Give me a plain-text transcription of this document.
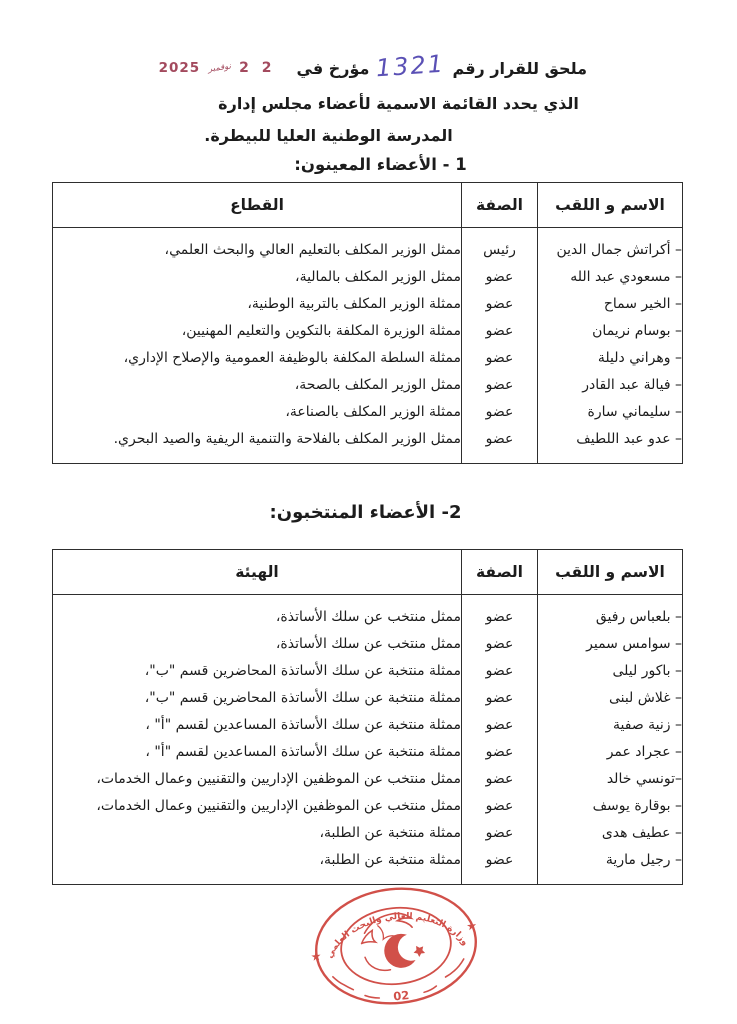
ملحق للقرار رقم
1321
مؤرخ في
2 2
نوفمبر
2025
الذي يحدد القائمة الاسمية لأعضاء مجلس إدارة
المدرسة الوطنية العليا للبيطرة.
1 - الأعضاء المعينون:
الاسم و اللقب	الصفة	القطاع
– أكراتش جمال الدين	رئيس	ممثل الوزير المكلف بالتعليم العالي والبحث العلمي،
– مسعودي عبد الله	عضو	ممثل الوزير المكلف بالمالية،
– الخير سماح	عضو	ممثلة الوزير المكلف بالتربية الوطنية،
– بوسام نريمان	عضو	ممثلة الوزيرة المكلفة بالتكوين والتعليم المهنيين،
– وهراني دليلة	عضو	ممثلة السلطة المكلفة بالوظيفة العمومية والإصلاح الإداري،
– فيالة عبد القادر	عضو	ممثل الوزير المكلف بالصحة،
– سليماني سارة	عضو	ممثلة الوزير المكلف بالصناعة،
– عدو عبد اللطيف	عضو	ممثل الوزير المكلف بالفلاحة والتنمية الريفية والصيد البحري.
2- الأعضاء المنتخبون:
الاسم و اللقب	الصفة	الهيئة
– بلعباس رفيق	عضو	ممثل منتخب عن سلك الأساتذة،
– سوامس سمير	عضو	ممثل منتخب عن سلك الأساتذة،
– باكور ليلى	عضو	ممثلة منتخبة عن سلك الأساتذة المحاضرين قسم "ب"،
– غلاش لبنى	عضو	ممثلة منتخبة عن سلك الأساتذة المحاضرين قسم "ب"،
– زنية صفية	عضو	ممثلة منتخبة عن سلك الأساتذة المساعدين لقسم "أ" ،
– عجراد عمر	عضو	ممثلة منتخبة عن سلك الأساتذة المساعدين لقسم "أ" ،
–تونسي خالد	عضو	ممثل منتخب عن الموظفين الإداريين والتقنيين وعمال الخدمات،
– بوقارة يوسف	عضو	ممثل منتخب عن الموظفين الإداريين والتقنيين وعمال الخدمات،
– عطيف هدى	عضو	ممثلة منتخبة عن الطلبة،
– رجيل مارية	عضو	ممثلة منتخبة عن الطلبة،
وزارة التعليم العالي والبحث العلمي
★
★
02
